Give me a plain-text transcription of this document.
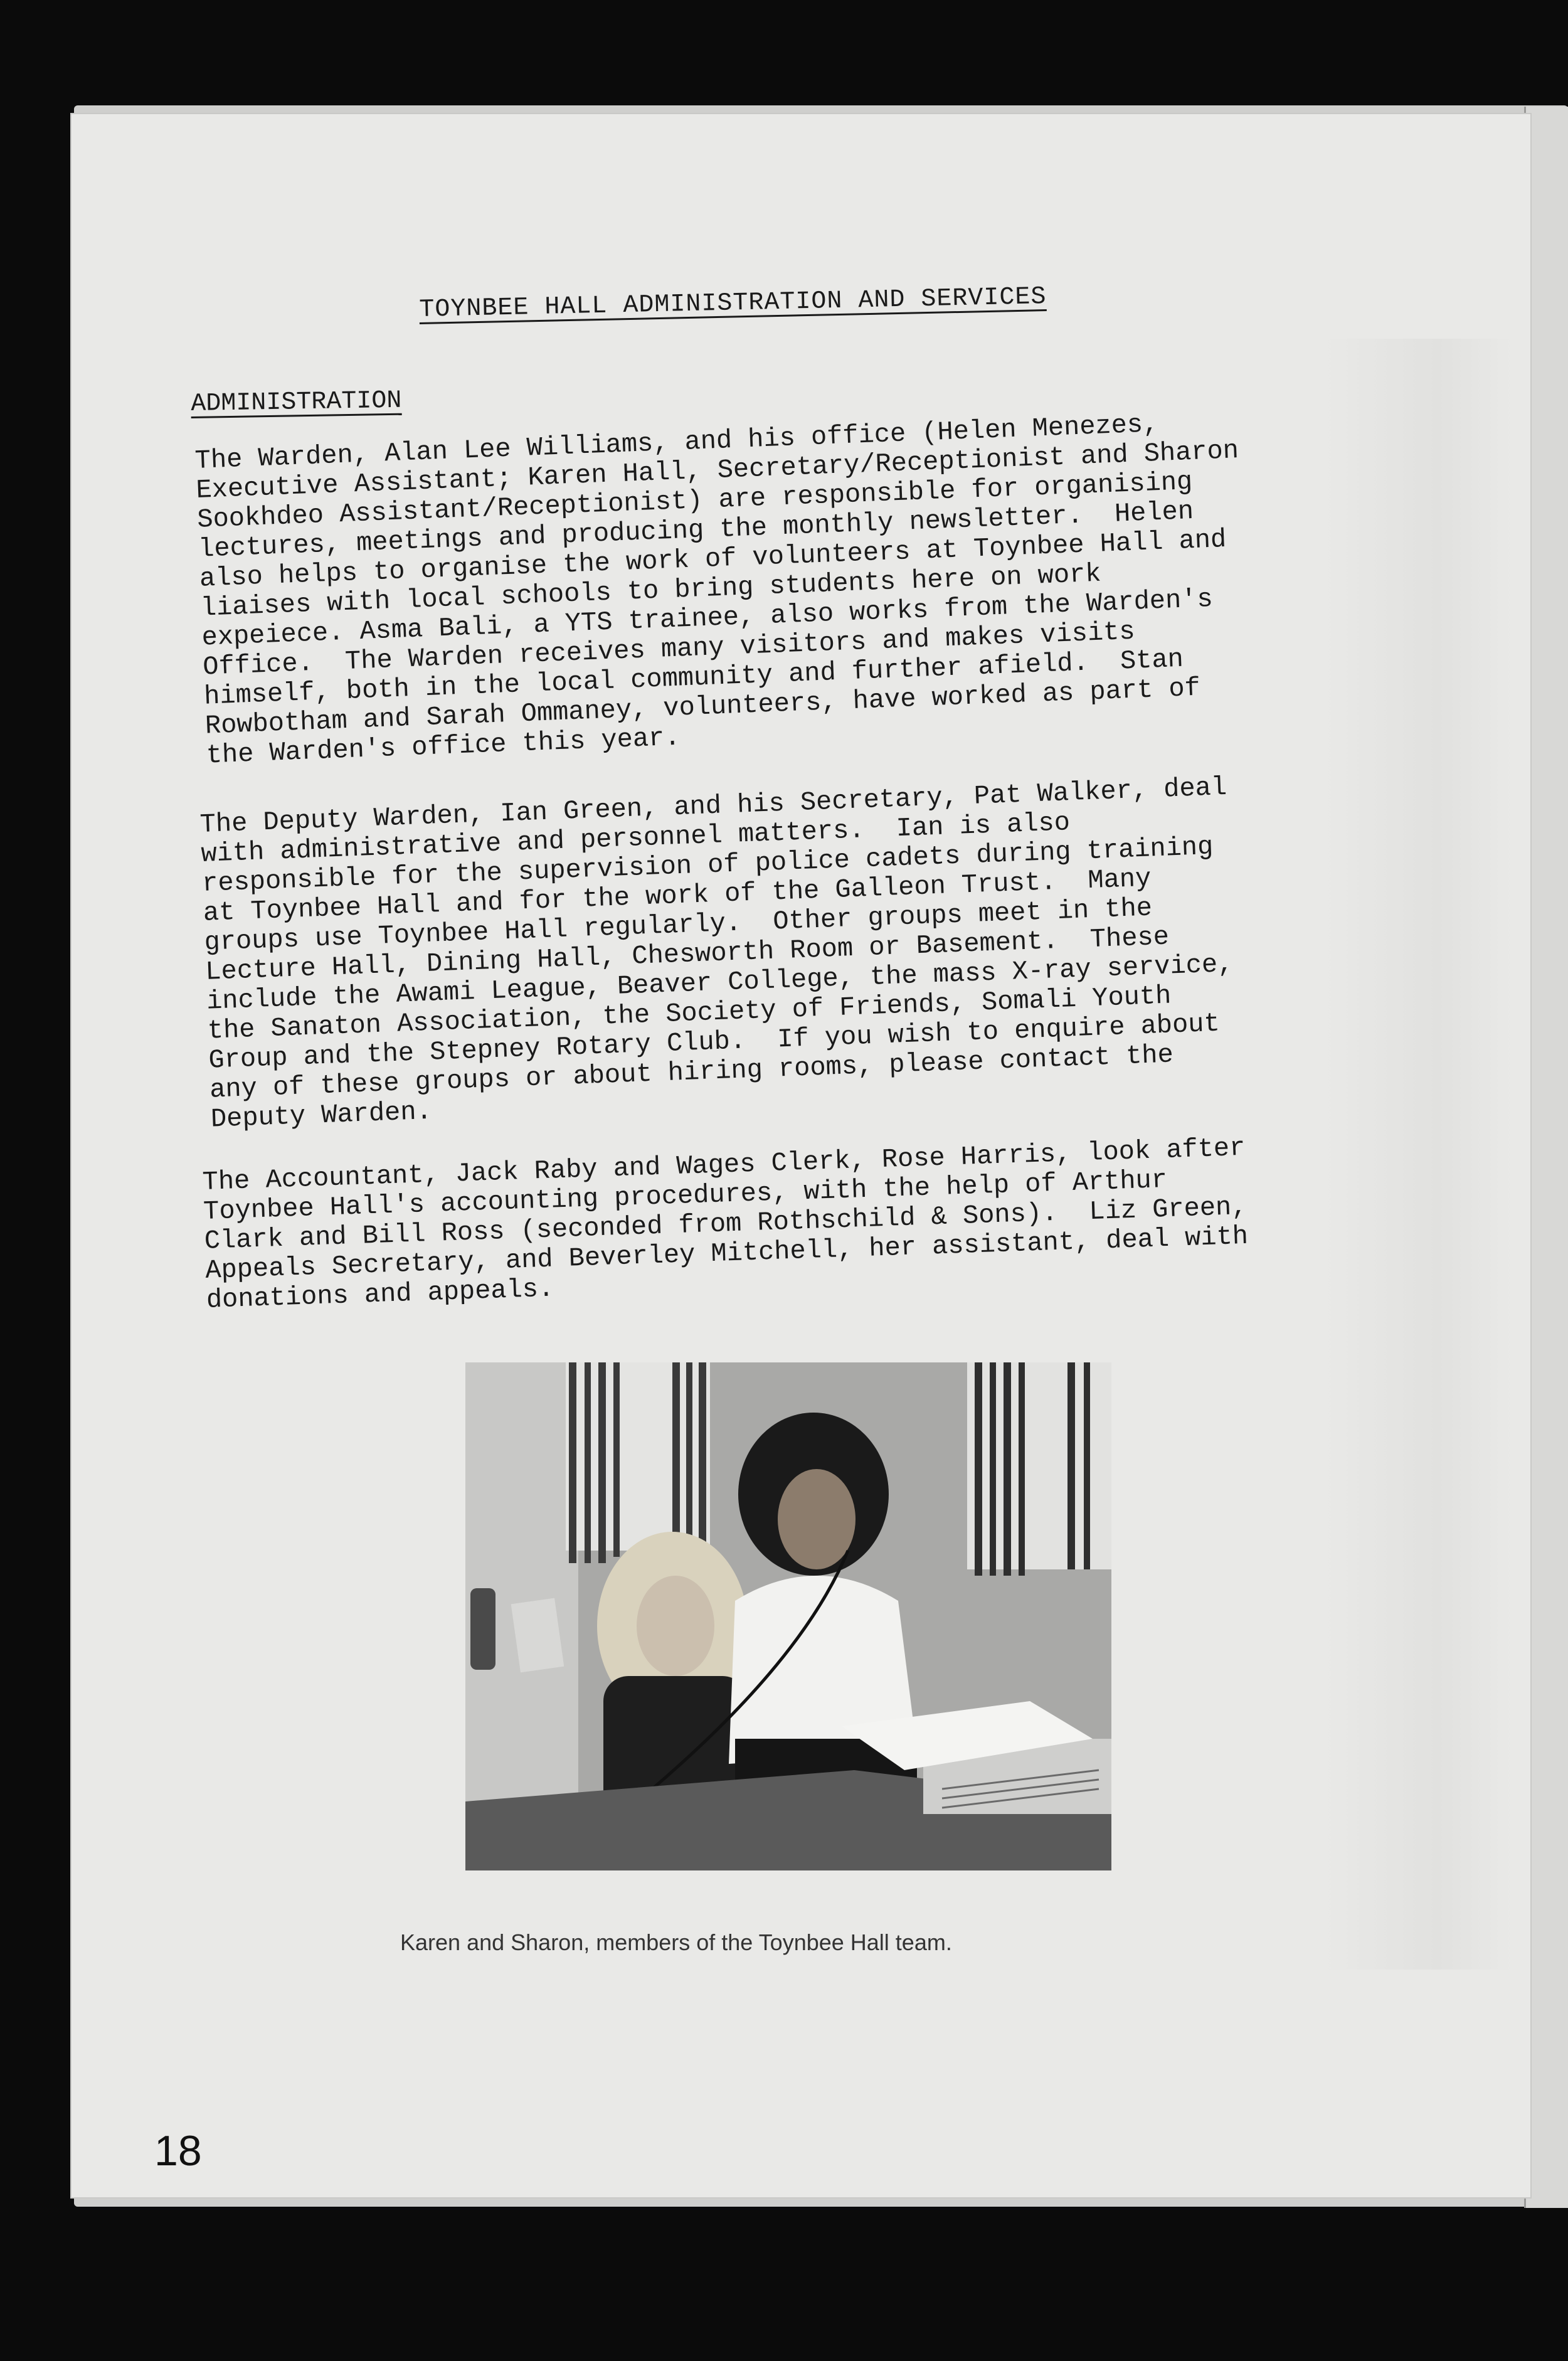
TOYNBEE HALL ADMINISTRATION AND SERVICES
ADMINISTRATION
The Warden, Alan Lee Williams, and his office (Helen Menezes,
Executive Assistant; Karen Hall, Secretary/Receptionist and Sharon
Sookhdeo Assistant/Receptionist) are responsible for organising
lectures, meetings and producing the monthly newsletter.  Helen
also helps to organise the work of volunteers at Toynbee Hall and
liaises with local schools to bring students here on work
expeiece. Asma Bali, a YTS trainee, also works from the Warden's
Office.  The Warden receives many visitors and makes visits
himself, both in the local community and further afield.  Stan
Rowbotham and Sarah Ommaney, volunteers, have worked as part of
the Warden's office this year.
The Deputy Warden, Ian Green, and his Secretary, Pat Walker, deal
with administrative and personnel matters.  Ian is also
responsible for the supervision of police cadets during training
at Toynbee Hall and for the work of the Galleon Trust.  Many
groups use Toynbee Hall regularly.  Other groups meet in the
Lecture Hall, Dining Hall, Chesworth Room or Basement.  These
include the Awami League, Beaver College, the mass X-ray service,
the Sanaton Association, the Society of Friends, Somali Youth
Group and the Stepney Rotary Club.  If you wish to enquire about
any of these groups or about hiring rooms, please contact the
Deputy Warden.
The Accountant, Jack Raby and Wages Clerk, Rose Harris, look after
Toynbee Hall's accounting procedures, with the help of Arthur
Clark and Bill Ross (seconded from Rothschild & Sons).  Liz Green,
Appeals Secretary, and Beverley Mitchell, her assistant, deal with
donations and appeals.
Karen and Sharon, members of the Toynbee Hall team.
18
